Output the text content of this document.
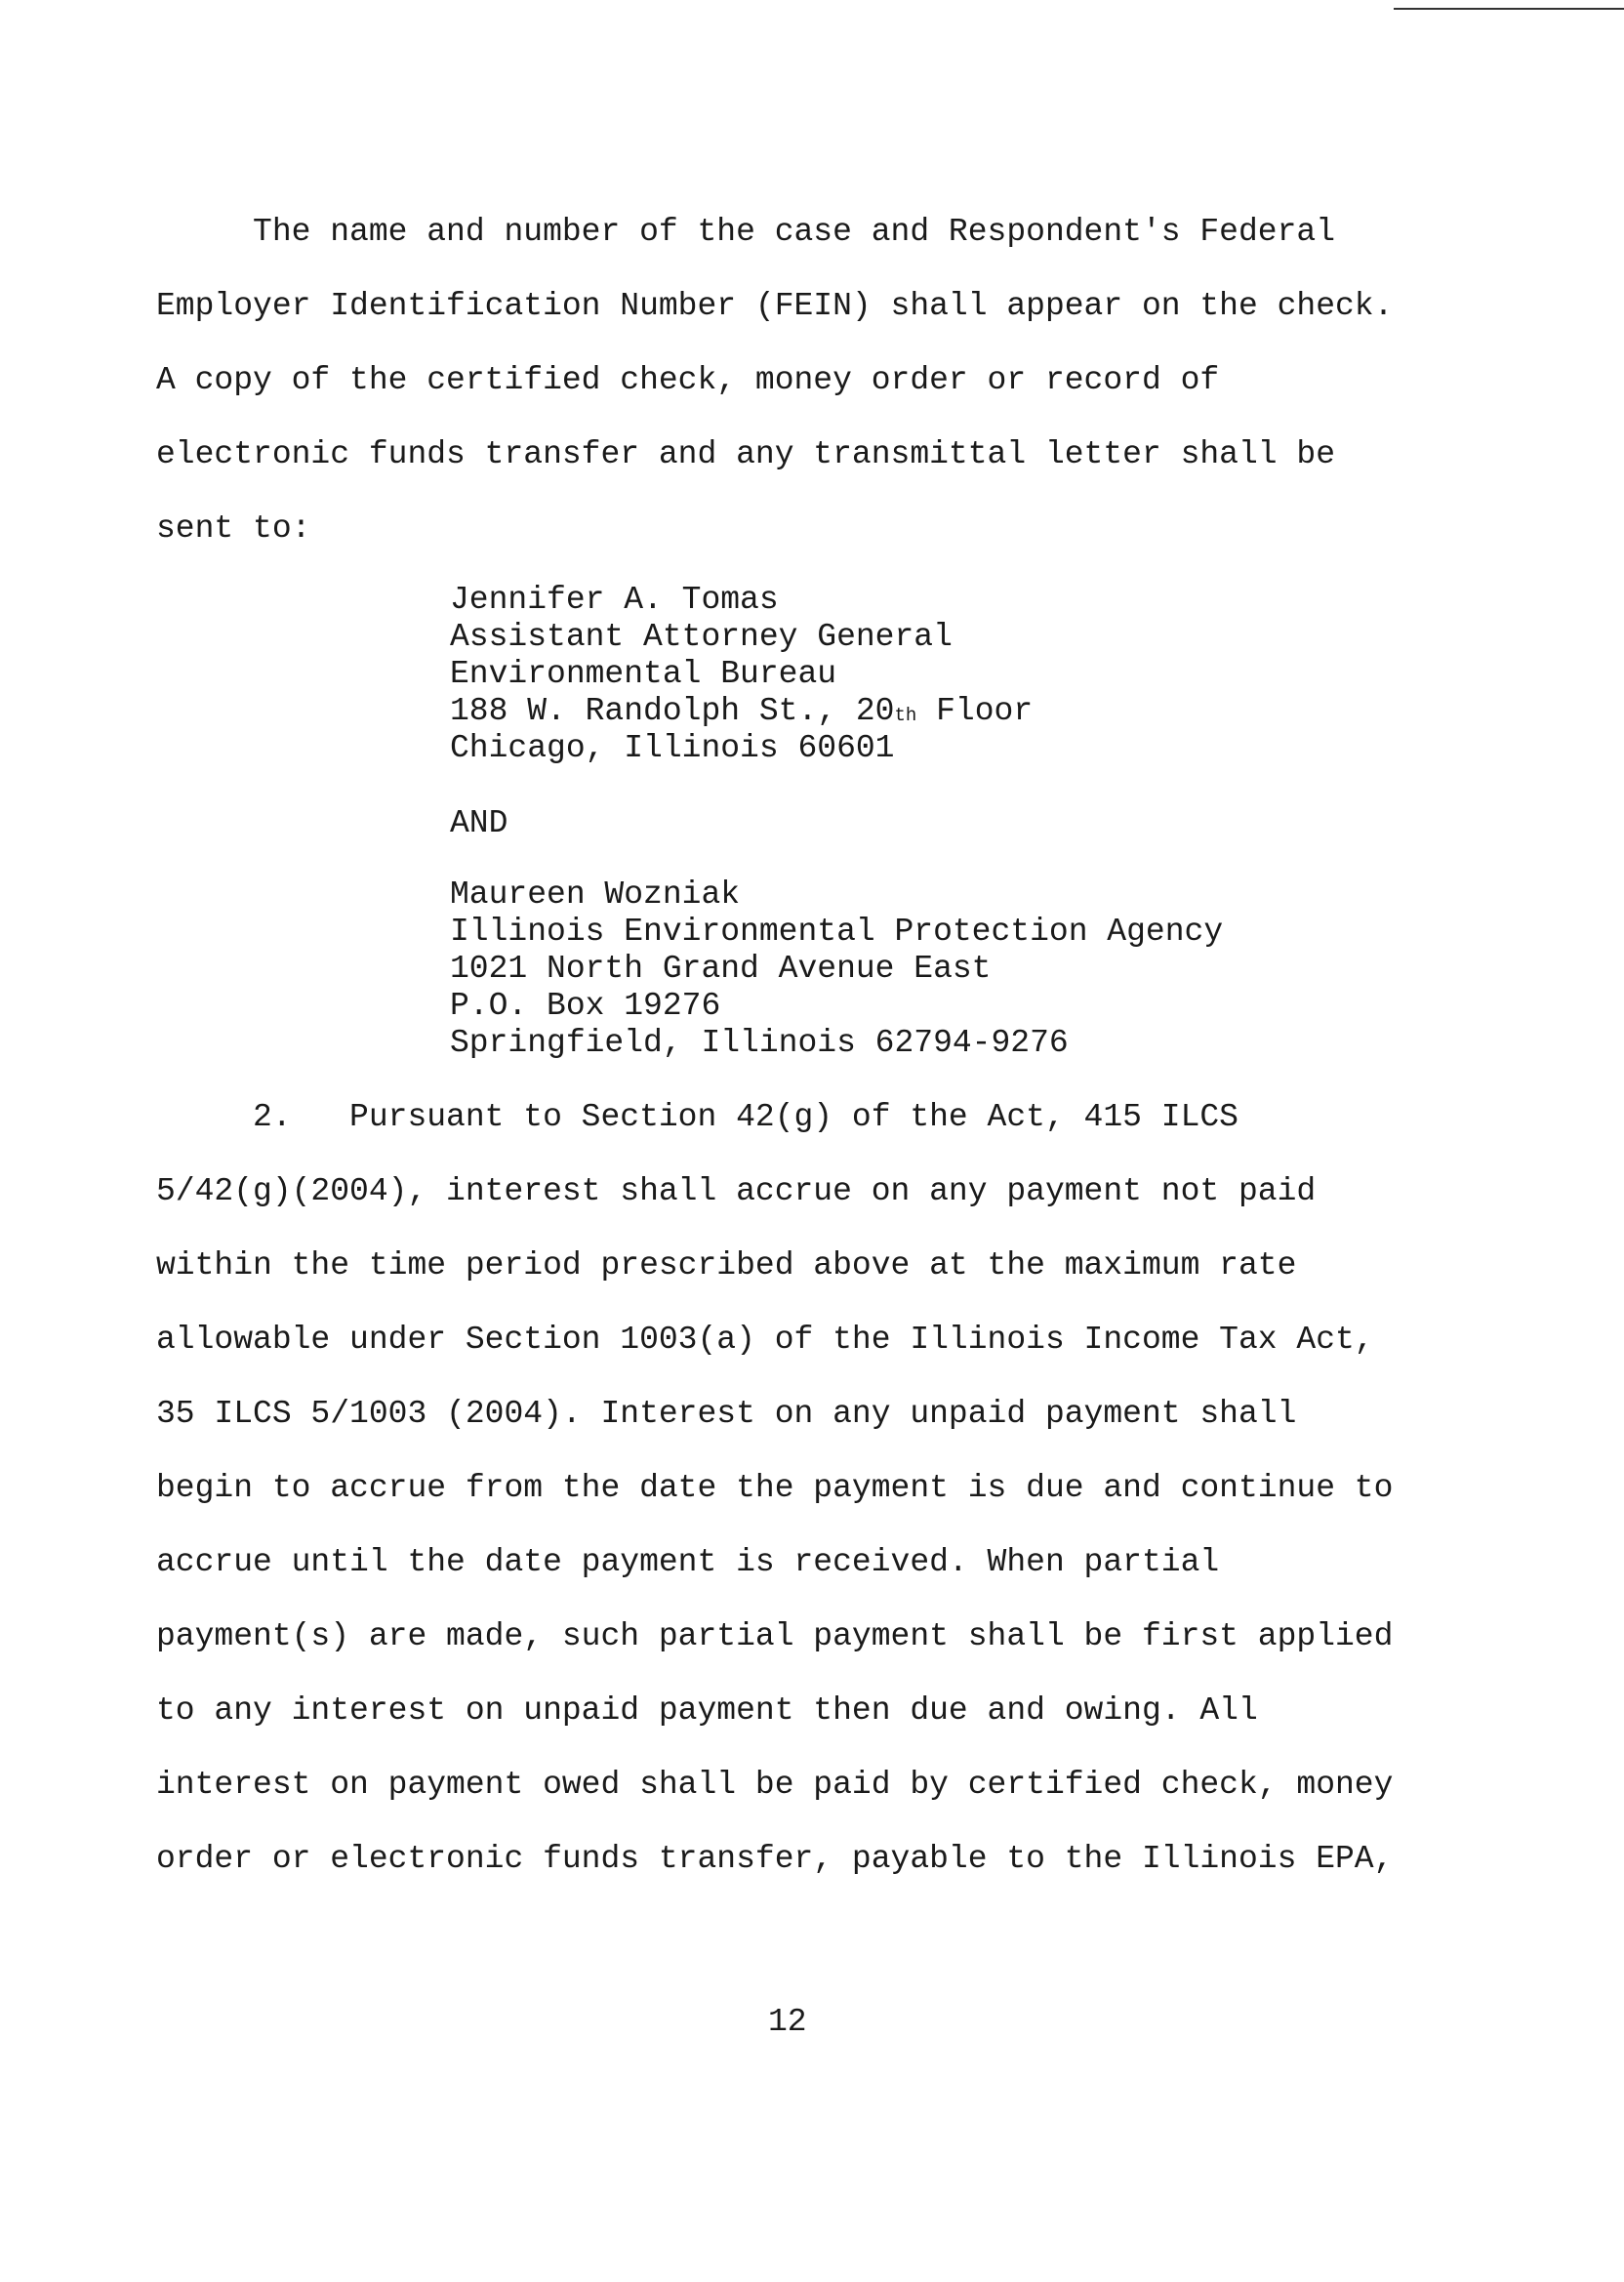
The name and number of the case and Respondent's Federal
Employer Identification Number (FEIN) shall appear on the check.
A copy of the certified check, money order or record of
electronic funds transfer and any transmittal letter shall be
sent to:
Jennifer A. Tomas
Assistant Attorney General
Environmental Bureau
188 W. Randolph St., 20th Floor
Chicago, Illinois 60601
AND
Maureen Wozniak
Illinois Environmental Protection Agency
1021 North Grand Avenue East
P.O. Box 19276
Springfield, Illinois 62794-9276
2.   Pursuant to Section 42(g) of the Act, 415 ILCS
5/42(g)(2004), interest shall accrue on any payment not paid
within the time period prescribed above at the maximum rate
allowable under Section 1003(a) of the Illinois Income Tax Act,
35 ILCS 5/1003 (2004). Interest on any unpaid payment shall
begin to accrue from the date the payment is due and continue to
accrue until the date payment is received. When partial
payment(s) are made, such partial payment shall be first applied
to any interest on unpaid payment then due and owing. All
interest on payment owed shall be paid by certified check, money
order or electronic funds transfer, payable to the Illinois EPA,
12
